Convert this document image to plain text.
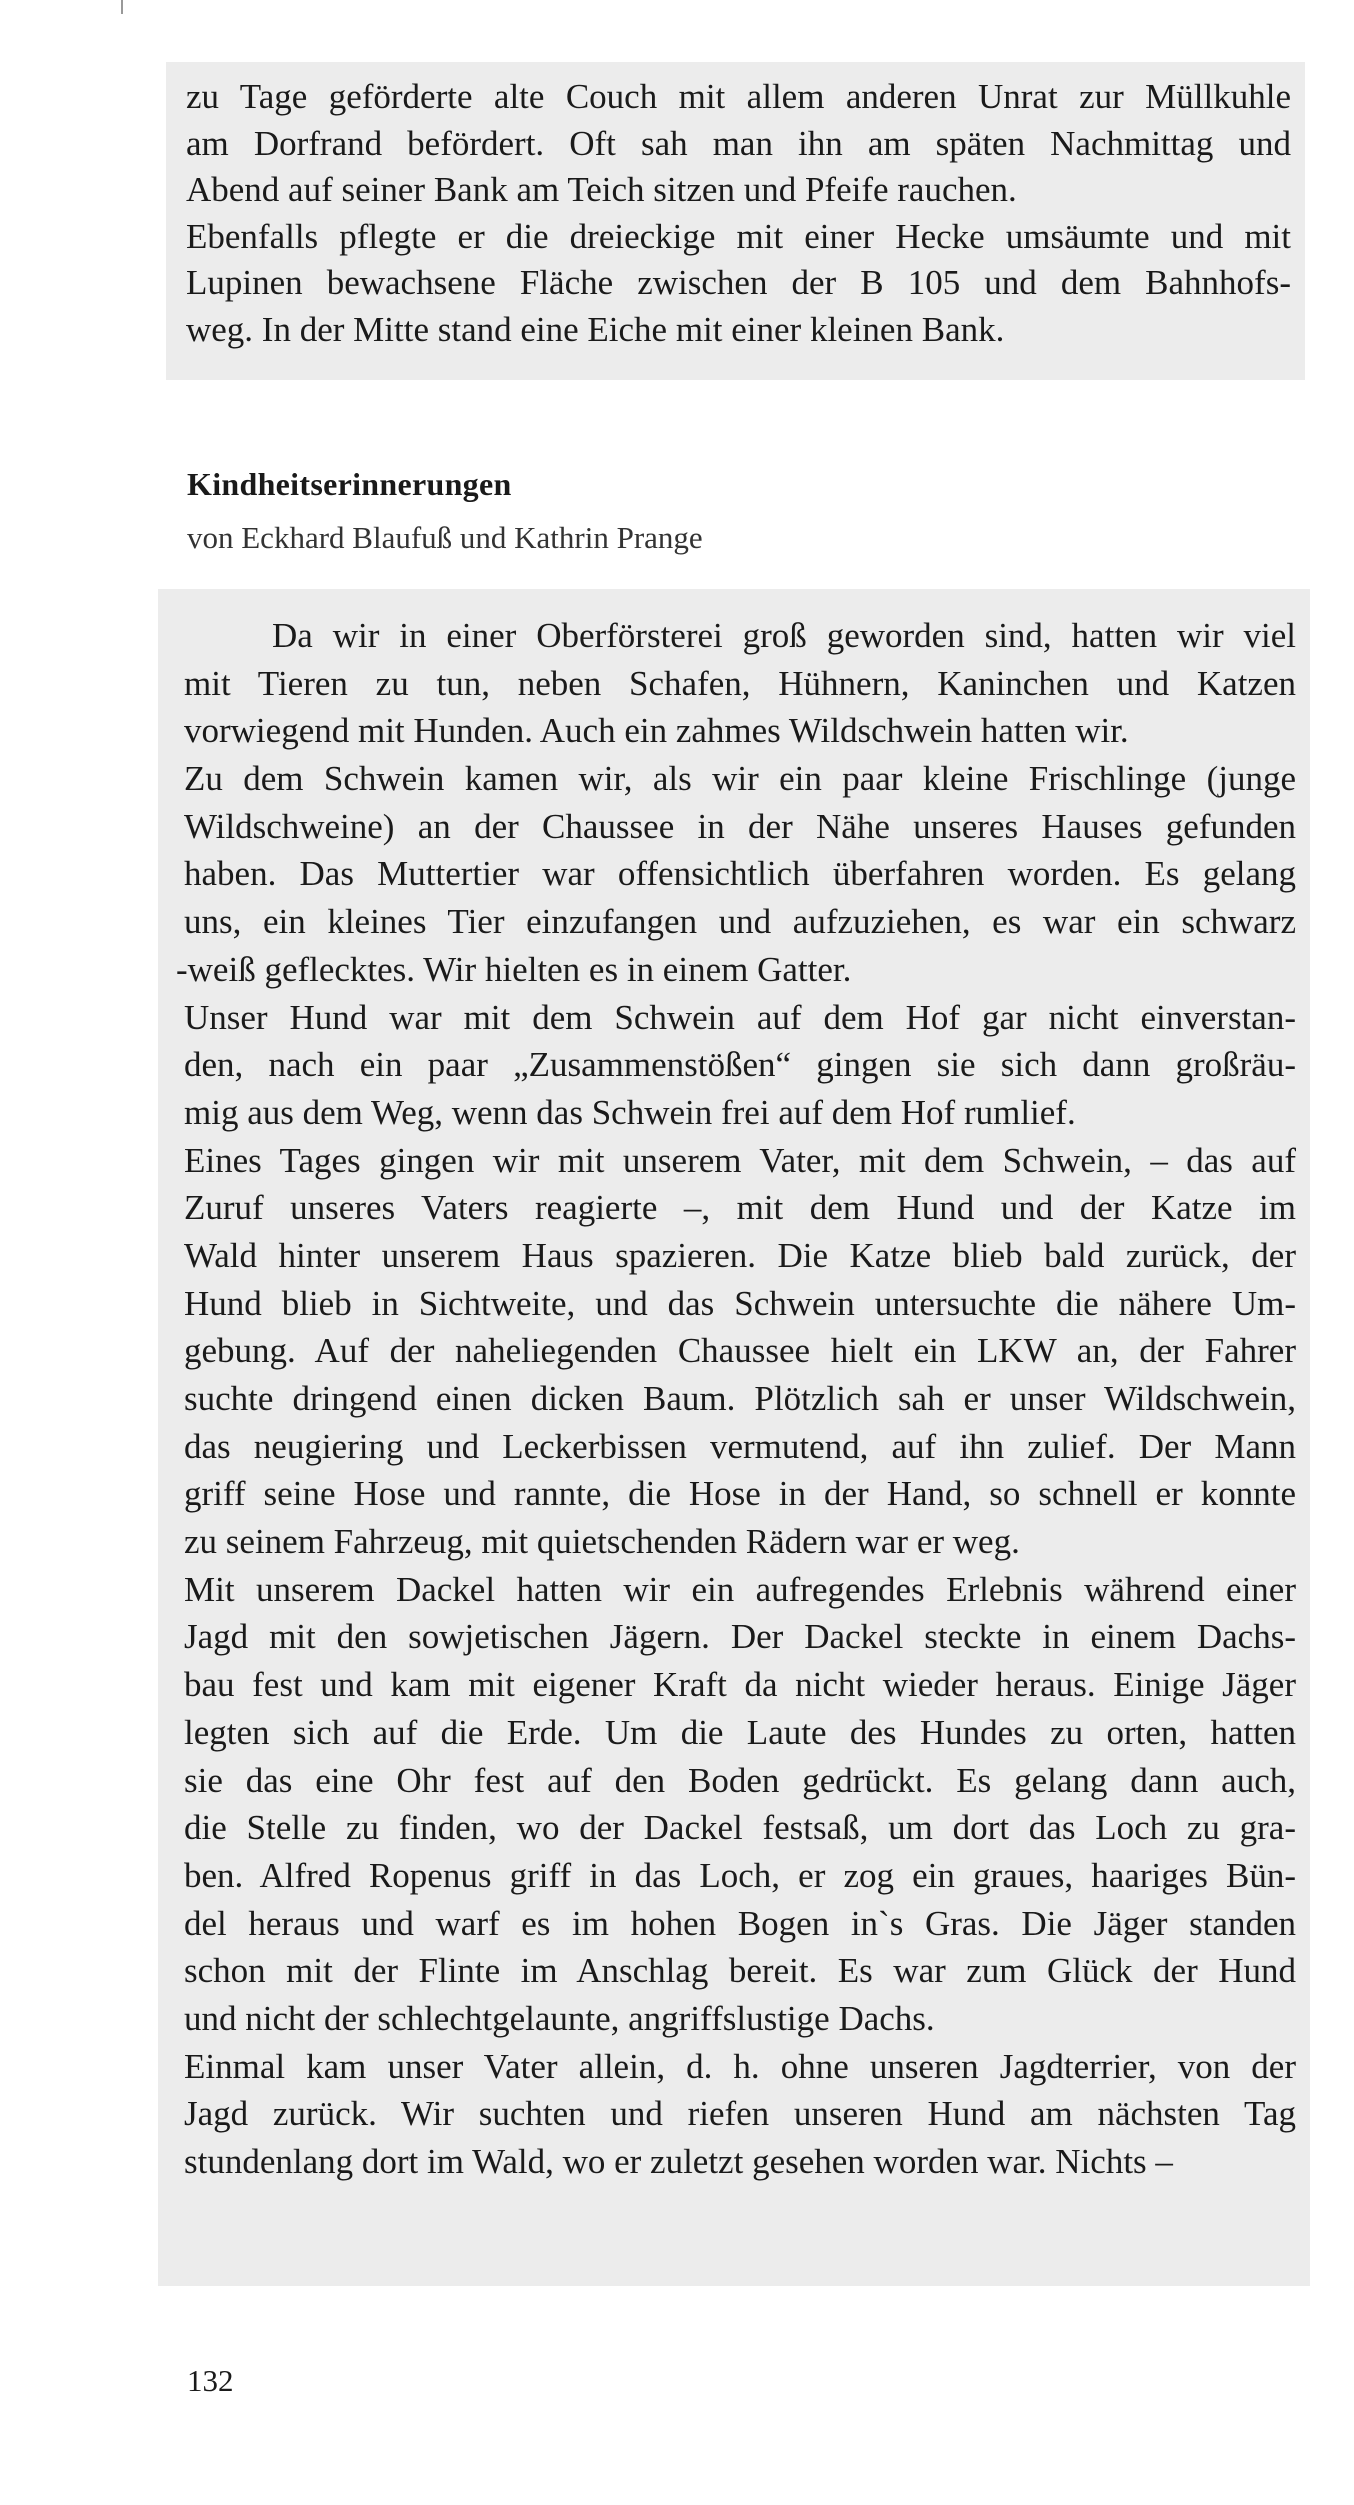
zu Tage geförderte alte Couch mit allem anderen Unrat zur Müllkuhle
am Dorfrand befördert. Oft sah man ihn am späten Nachmittag und
Abend auf seiner Bank am Teich sitzen und Pfeife rauchen.
Ebenfalls pflegte er die dreieckige mit einer Hecke umsäumte und mit
Lupinen bewachsene Fläche zwischen der B 105 und dem Bahnhofs-
weg. In der Mitte stand eine Eiche mit einer kleinen Bank.
Kindheitserinnerungen

von Eckhard Blaufuß und Kathrin Prange

Da wir in einer Oberförsterei groß geworden sind, hatten wir viel
mit Tieren zu tun, neben Schafen, Hühnern, Kaninchen und Katzen
vorwiegend mit Hunden. Auch ein zahmes Wildschwein hatten wir.
Zu dem Schwein kamen wir, als wir ein paar kleine Frischlinge (junge
Wildschweine) an der Chaussee in der Nähe unseres Hauses gefunden
haben. Das Muttertier war offensichtlich überfahren worden. Es gelang
uns, ein kleines Tier einzufangen und aufzuziehen, es war ein schwarz
-weiß geflecktes. Wir hielten es in einem Gatter.
Unser Hund war mit dem Schwein auf dem Hof gar nicht einverstan-
den, nach ein paar „Zusammenstößen“ gingen sie sich dann großräu-
mig aus dem Weg, wenn das Schwein frei auf dem Hof rumlief.
Eines Tages gingen wir mit unserem Vater, mit dem Schwein, – das auf
Zuruf unseres Vaters reagierte –, mit dem Hund und der Katze im
Wald hinter unserem Haus spazieren. Die Katze blieb bald zurück, der
Hund blieb in Sichtweite, und das Schwein untersuchte die nähere Um-
gebung. Auf der naheliegenden Chaussee hielt ein LKW an, der Fahrer
suchte dringend einen dicken Baum. Plötzlich sah er unser Wildschwein,
das neugiering und Leckerbissen vermutend, auf ihn zulief. Der Mann
griff seine Hose und rannte, die Hose in der Hand, so schnell er konnte
zu seinem Fahrzeug, mit quietschenden Rädern war er weg.
Mit unserem Dackel hatten wir ein aufregendes Erlebnis während einer
Jagd mit den sowjetischen Jägern. Der Dackel steckte in einem Dachs-
bau fest und kam mit eigener Kraft da nicht wieder heraus. Einige Jäger
legten sich auf die Erde. Um die Laute des Hundes zu orten, hatten
sie das eine Ohr fest auf den Boden gedrückt. Es gelang dann auch,
die Stelle zu finden, wo der Dackel festsaß, um dort das Loch zu gra-
ben. Alfred Ropenus griff in das Loch, er zog ein graues, haariges Bün-
del heraus und warf es im hohen Bogen in`s Gras. Die Jäger standen
schon mit der Flinte im Anschlag bereit. Es war zum Glück der Hund
und nicht der schlechtgelaunte, angriffslustige Dachs.
Einmal kam unser Vater allein, d. h. ohne unseren Jagdterrier, von der
Jagd zurück. Wir suchten und riefen unseren Hund am nächsten Tag
stundenlang dort im Wald, wo er zuletzt gesehen worden war. Nichts –

132
